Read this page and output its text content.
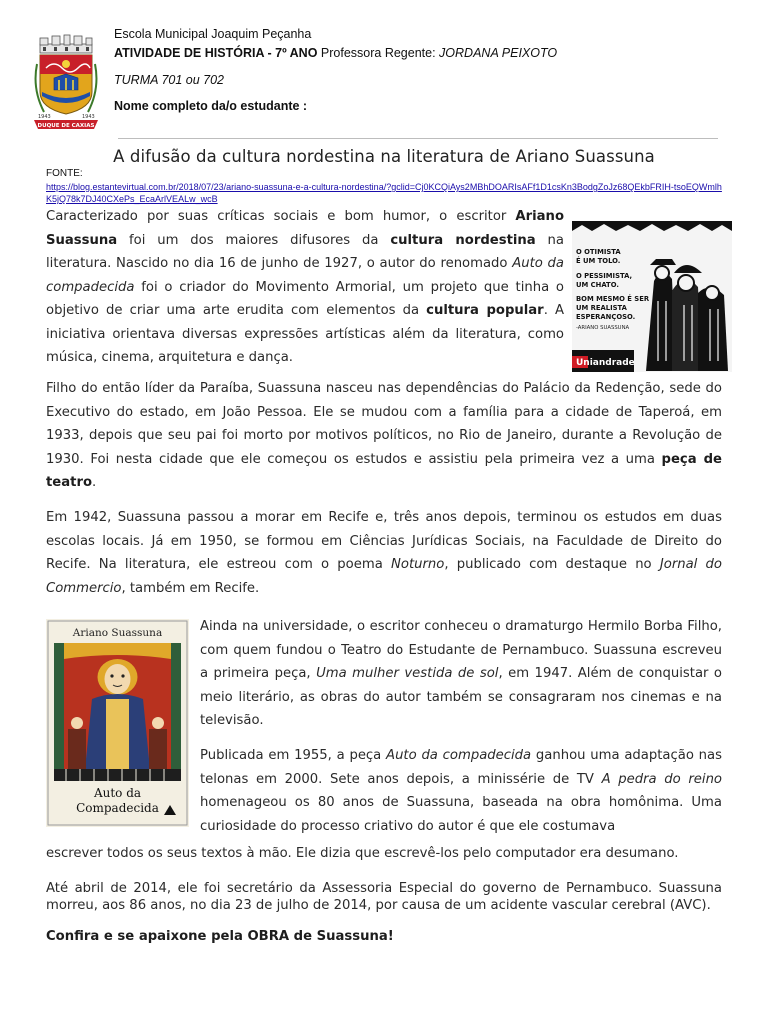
1943	1943
DUQUE DE CAXIAS
Escola Municipal Joaquim Peçanha
ATIVIDADE DE HISTÓRIA - 7º ANO Professora Regente: JORDANA PEIXOTO
TURMA 701 ou 702
Nome completo da/o estudante :
A difusão da cultura nordestina na literatura de Ariano Suassuna
FONTE:
https://blog.estantevirtual.com.br/2018/07/23/ariano-suassuna-e-a-cultura-nordestina/?gclid=Cj0KCQiAys2MBhDOARIsAFf1D1csKn3BodgZoJz68QEkbFRIH-tsoEQWmlhK5jQ78k7DJ40CXePs_EcaArlVEALw_wcB
Caracterizado por suas críticas sociais e bom humor, o escritor Ariano Suassuna foi um dos maiores difusores da cultura nordestina na literatura. Nascido no dia 16 de junho de 1927, o autor do renomado Auto da compadecida foi o criador do Movimento Armorial, um projeto que tinha o objetivo de criar uma arte erudita com elementos da cultura popular. A iniciativa orientava diversas expressões artísticas além da literatura, como música, cinema, arquitetura e dança.
O OTIMISTA
É UM TOLO.
O PESSIMISTA,
UM CHATO.
BOM MESMO É SER
UM REALISTA
ESPERANÇOSO.
-ARIANO SUASSUNA
Uniandrade
Filho do então líder da Paraíba, Suassuna nasceu nas dependências do Palácio da Redenção, sede do Executivo do estado, em João Pessoa. Ele se mudou com a família para a cidade de Taperoá, em 1933, depois que seu pai foi morto por motivos políticos, no Rio de Janeiro, durante a Revolução de 1930. Foi nesta cidade que ele começou os estudos e assistiu pela primeira vez a uma peça de teatro.
Em 1942, Suassuna passou a morar em Recife e, três anos depois, terminou os estudos em duas escolas locais. Já em 1950, se formou em Ciências Jurídicas Sociais, na Faculdade de Direito do Recife. Na literatura, ele estreou com o poema Noturno, publicado com destaque no Jornal do Commercio, também em Recife.
Ariano Suassuna
Auto da
Compadecida
Ainda na universidade, o escritor conheceu o dramaturgo Hermilo Borba Filho, com quem fundou o Teatro do Estudante de Pernambuco. Suassuna escreveu a primeira peça, Uma mulher vestida de sol, em 1947. Além de conquistar o meio literário, as obras do autor também se consagraram nos cinemas e na televisão.
Publicada em 1955, a peça Auto da compadecida ganhou uma adaptação nas telonas em 2000. Sete anos depois, a minissérie de TV A pedra do reino homenageou os 80 anos de Suassuna, baseada na obra homônima. Uma curiosidade do processo criativo do autor é que ele costumava
escrever todos os seus textos à mão. Ele dizia que escrevê-los pelo computador era desumano.
Até abril de 2014, ele foi secretário da Assessoria Especial do governo de Pernambuco. Suassuna morreu, aos 86 anos, no dia 23 de julho de 2014, por causa de um acidente vascular cerebral (AVC).
Confira e se apaixone pela OBRA de Suassuna!
